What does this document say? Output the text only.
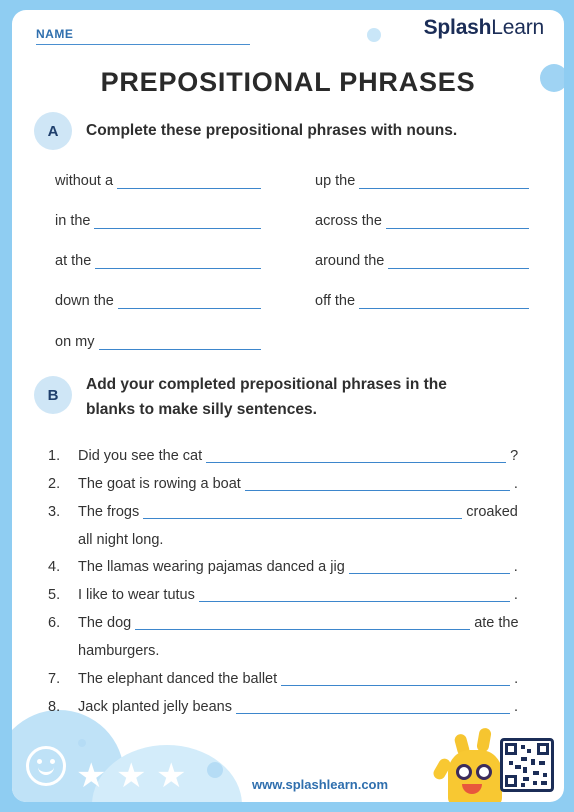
NAME	SplashLearn
PREPOSITIONAL PHRASES
A	Complete these prepositional phrases with nouns.
B
Add your completed prepositional phrases in the
blanks to make silly sentences.
★ ★ ★	www.splashlearn.com
without a
in the
at the
down the
on my
up the
across the
around the
off the
1.	Did you see the cat	?
2.	The goat is rowing a boat	.
3.	The frogs	croaked
all night long.
4.	The llamas wearing pajamas danced a jig	.
5.	I like to wear tutus	.
6.	The dog	ate the
hamburgers.
7.	The elephant danced the ballet	.
8.	Jack planted jelly beans	.
